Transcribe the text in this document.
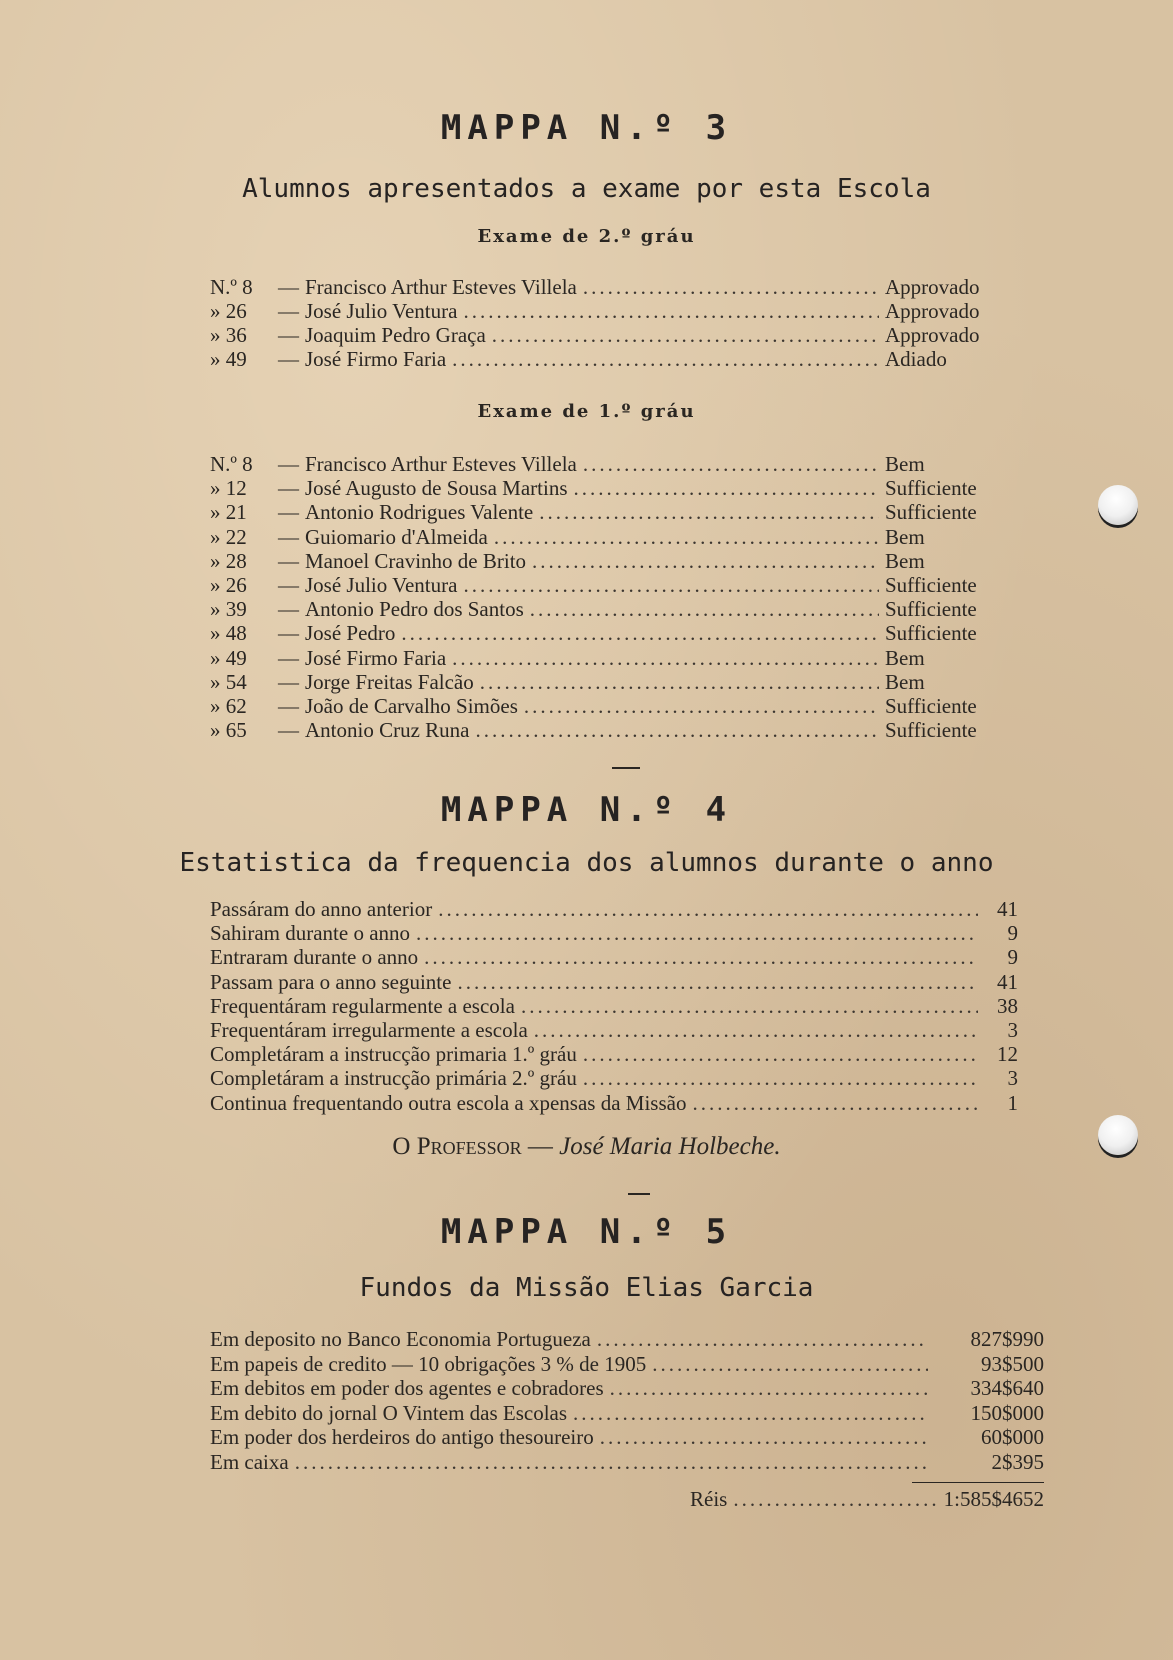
MAPPA N.º 3
Alumnos apresentados a exame por esta Escola
Exame de 2.º gráu
N.º 8	— Francisco Arthur Esteves Villela .....	Approvado
» 26	— José Julio Ventura .....	Approvado
» 36	— Joaquim Pedro Graça .....	Approvado
» 49	— José Firmo Faria .....	Adiado
Exame de 1.º gráu
N.º 8	— Francisco Arthur Esteves Villela .....	Bem
» 12	— José Augusto de Sousa Martins .....	Sufficiente
» 21	— Antonio Rodrigues Valente .....	Sufficiente
» 22	— Guiomario d'Almeida .....	Bem
» 28	— Manoel Cravinho de Brito .....	Bem
» 26	— José Julio Ventura .....	Sufficiente
» 39	— Antonio Pedro dos Santos .....	Sufficiente
» 48	— José Pedro .....	Sufficiente
» 49	— José Firmo Faria .....	Bem
» 54	— Jorge Freitas Falcão .....	Bem
» 62	— João de Carvalho Simões .....	Sufficiente
» 65	— Antonio Cruz Runa .....	Sufficiente
MAPPA N.º 4
Estatistica da frequencia dos alumnos durante o anno
Passáram do anno anterior .....	41
Sahiram durante o anno .....	9
Entraram durante o anno .....	9
Passam para o anno seguinte .....	41
Frequentáram regularmente a escola .....	38
Frequentáram irregularmente a escola .....	3
Completáram a instrucção primaria 1.º gráu .....	12
Completáram a instrucção primária 2.º gráu .....	3
Continua frequentando outra escola a xpensas da Missão .....	1
O Professor — José Maria Holbeche.
MAPPA N.º 5
Fundos da Missão Elias Garcia
Em deposito no Banco Economia Portugueza .....	827$990
Em papeis de credito — 10 obrigações 3 % de 1905 .....	93$500
Em debitos em poder dos agentes e cobradores .....	334$640
Em debito do jornal O Vintem das Escolas .....	150$000
Em poder dos herdeiros do antigo thesoureiro .....	60$000
Em caixa .....	2$395
Réis .....	1:585$4652
